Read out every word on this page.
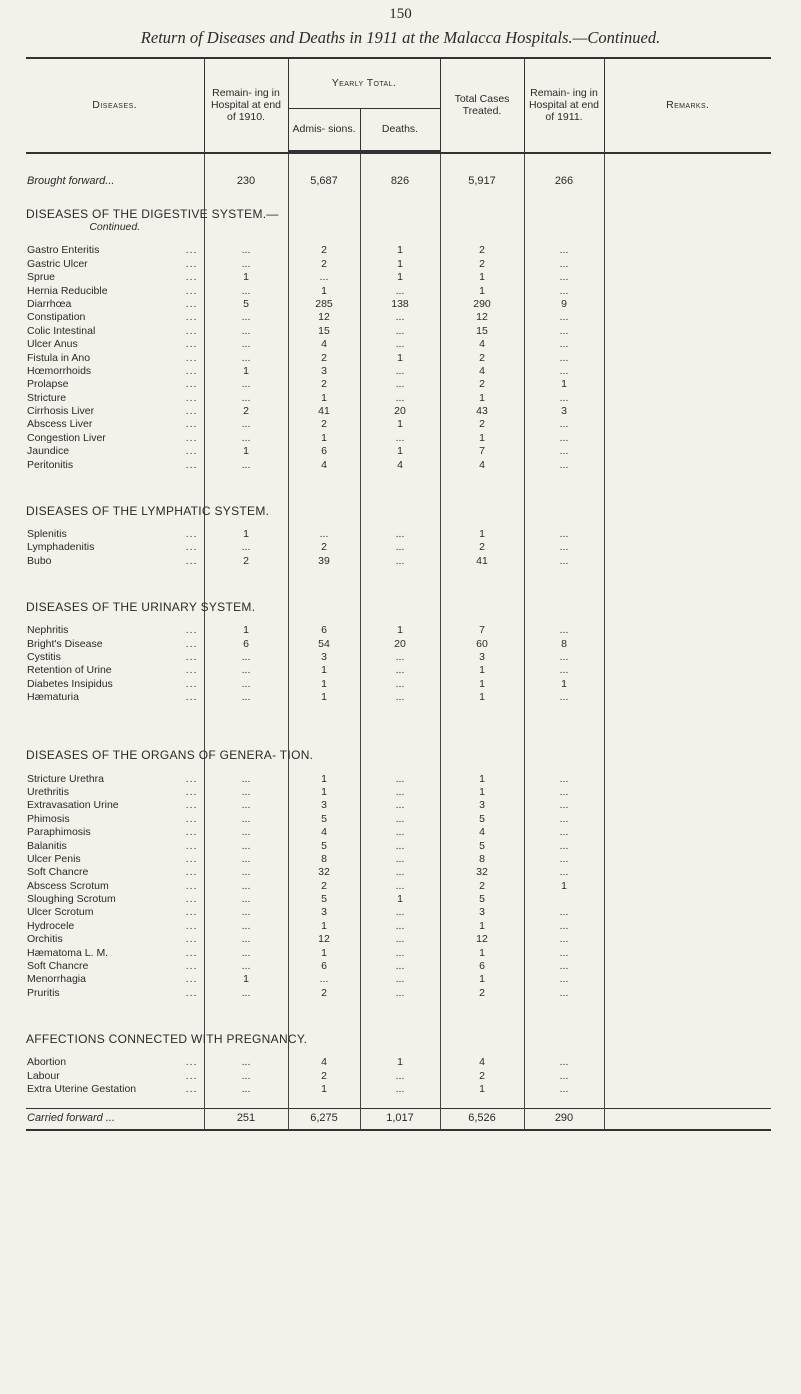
150
Return of Diseases and Deaths in 1911 at the Malacca Hospitals.—Continued.
Diseases.	Remain- ing in Hospital at end of 1910.	Yearly Total.		Total Cases Treated.	Remain- ing in Hospital at end of 1911.	Remarks.
		Admis- sions.	Deaths.			

Brought forward...	230	5,687	826	5,917	266	

DISEASES OF THE DIGESTIVE SYSTEM.—
Continued.						

Gastro Enteritis ...	...	2	1	2	...	
Gastric Ulcer ...	...	2	1	2	...	
Sprue ...	1	...	1	1	...	
Hernia Reducible ...	...	1	...	1	...	
Diarrhœa ...	5	285	138	290	9	
Constipation ...	...	12	...	12	...	
Colic Intestinal ...	...	15	...	15	...	
Ulcer Anus ...	...	4	...	4	...	
Fistula in Ano ...	...	2	1	2	...	
Hœmorrhoids ...	1	3	...	4	...	
Prolapse ...	...	2	...	2	1	
Stricture ...	...	1	...	1	...	
Cirrhosis Liver ...	2	41	20	43	3	
Abscess Liver ...	...	2	1	2	...	
Congestion Liver ...	...	1	...	1	...	
Jaundice ...	1	6	1	7	...	
Peritonitis ...	...	4	4	4	...	

DISEASES OF THE LYMPHATIC SYSTEM.						

Splenitis ...	1	...	...	1	...	
Lymphadenitis ...	...	2	...	2	...	
Bubo ...	2	39	...	41	...	

DISEASES OF THE URINARY SYSTEM.						

Nephritis ...	1	6	1	7	...	
Bright's Disease ...	6	54	20	60	8	
Cystitis ...	...	3	...	3	...	
Retention of Urine ...	...	1	...	1	...	
Diabetes Insipidus ...	...	1	...	1	1	
Hæmaturia ...	...	1	...	1	...	

DISEASES OF THE ORGANS OF GENERA- TION.						

Stricture Urethra ...	...	1	...	1	...	
Urethritis ...	...	1	...	1	...	
Extravasation Urine ...	...	3	...	3	...	
Phimosis ...	...	5	...	5	...	
Paraphimosis ...	...	4	...	4	...	
Balanitis ...	...	5	...	5	...	
Ulcer Penis ...	...	8	...	8	...	
Soft Chancre ...	...	32	...	32	...	
Abscess Scrotum ...	...	2	...	2	1	
Sloughing Scrotum ...	...	5	1	5		
Ulcer Scrotum ...	...	3	...	3	...	
Hydrocele ...	...	1	...	1	...	
Orchitis ...	...	12	...	12	...	
Hæmatoma L. M. ...	...	1	...	1	...	
Soft Chancre ...	...	6	...	6	...	
Menorrhagia ...	1	...	...	1	...	
Pruritis ...	...	2	...	2	...	

AFFECTIONS CONNECTED WITH PREGNANCY.						

Abortion ...	...	4	1	4	...	
Labour ...	...	2	...	2	...	
Extra Uterine Gestation ...	...	1	...	1	...	

Carried forward ...	251	6,275	1,017	6,526	290	
